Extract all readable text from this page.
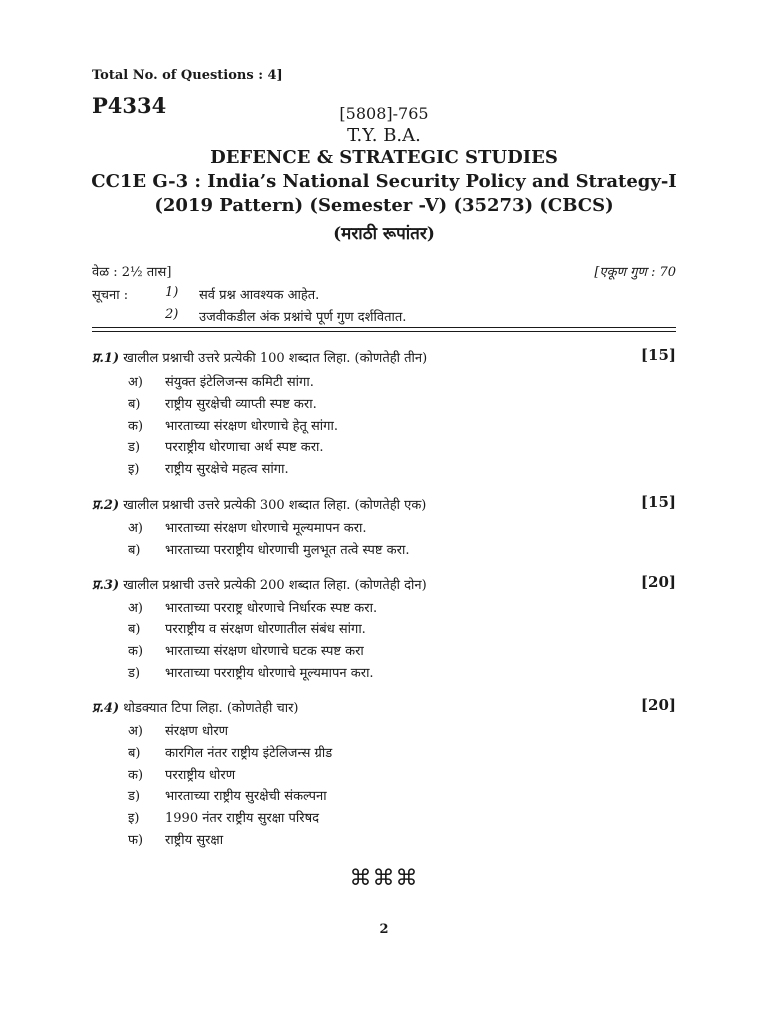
Total No. of Questions : 4]
P4334	[5808]-765
T.Y. B.A.
DEFENCE & STRATEGIC STUDIES
CC1E G-3 : India’s National Security Policy and Strategy-I
(2019 Pattern) (Semester -V) (35273) (CBCS)
(मराठी रूपांतर)
वेळ : 2½ तास]	[एकूण गुण : 70
सूचना :	1) सर्व प्रश्न आवश्यक आहेत.
2) उजवीकडील अंक प्रश्नांचे पूर्ण गुण दर्शवितात.
प्र.1) खालील प्रश्नाची उत्तरे प्रत्येकी 100 शब्दात लिहा. (कोणतेही तीन)	[15]
अ) संयुक्त इंटेलिजन्स कमिटी सांगा.
ब) राष्ट्रीय सुरक्षेची व्याप्ती स्पष्ट करा.
क) भारताच्या संरक्षण धोरणाचे हेतू सांगा.
ड) परराष्ट्रीय धोरणाचा अर्थ स्पष्ट करा.
इ) राष्ट्रीय सुरक्षेचे महत्व सांगा.
प्र.2) खालील प्रश्नाची उत्तरे प्रत्येकी 300 शब्दात लिहा. (कोणतेही एक)	[15]
अ) भारताच्या संरक्षण धोरणाचे मूल्यमापन करा.
ब) भारताच्या परराष्ट्रीय धोरणाची मुलभूत तत्वे स्पष्ट करा.
प्र.3) खालील प्रश्नाची उत्तरे प्रत्येकी 200 शब्दात लिहा. (कोणतेही दोन)	[20]
अ) भारताच्या परराष्ट्र धोरणाचे निर्धारक स्पष्ट करा.
ब) परराष्ट्रीय व संरक्षण धोरणातील संबंध सांगा.
क) भारताच्या संरक्षण धोरणाचे घटक स्पष्ट करा
ड) भारताच्या परराष्ट्रीय धोरणाचे मूल्यमापन करा.
प्र.4) थोडक्यात टिपा लिहा. (कोणतेही चार)	[20]
अ) संरक्षण धोरण
ब) कारगिल नंतर राष्ट्रीय इंटेलिजन्स ग्रीड
क) परराष्ट्रीय धोरण
ड) भारताच्या राष्ट्रीय सुरक्षेची संकल्पना
इ) 1990 नंतर राष्ट्रीय सुरक्षा परिषद
फ) राष्ट्रीय सुरक्षा
⌘⌘⌘
2
